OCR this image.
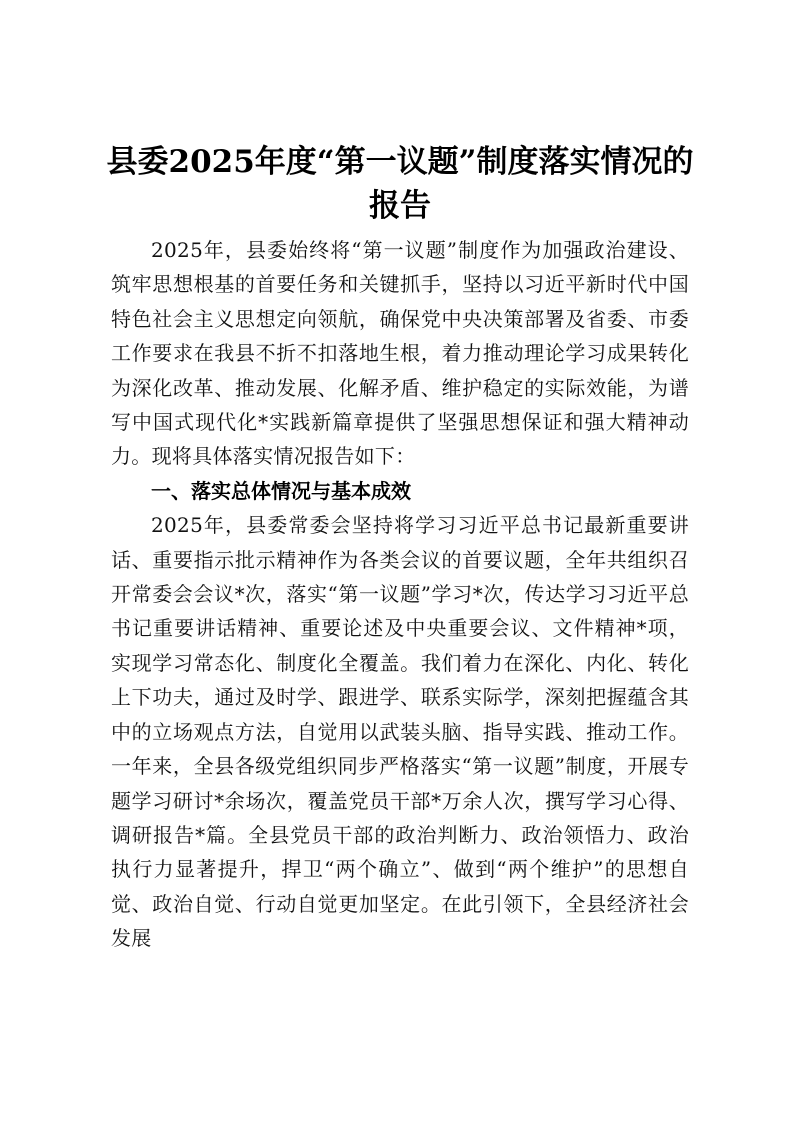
县委2025年度“第一议题”制度落实情况的报告

2025年，县委始终将“第一议题”制度作为加强政治建设、筑牢思想根基的首要任务和关键抓手，坚持以习近平新时代中国特色社会主义思想定向领航，确保党中央决策部署及省委、市委工作要求在我县不折不扣落地生根，着力推动理论学习成果转化为深化改革、推动发展、化解矛盾、维护稳定的实际效能，为谱写中国式现代化*实践新篇章提供了坚强思想保证和强大精神动力。现将具体落实情况报告如下：

一、落实总体情况与基本成效

2025年，县委常委会坚持将学习习近平总书记最新重要讲话、重要指示批示精神作为各类会议的首要议题，全年共组织召开常委会会议*次，落实“第一议题”学习*次，传达学习习近平总书记重要讲话精神、重要论述及中央重要会议、文件精神*项，实现学习常态化、制度化全覆盖。我们着力在深化、内化、转化上下功夫，通过及时学、跟进学、联系实际学，深刻把握蕴含其中的立场观点方法，自觉用以武装头脑、指导实践、推动工作。一年来，全县各级党组织同步严格落实“第一议题”制度，开展专题学习研讨*余场次，覆盖党员干部*万余人次，撰写学习心得、调研报告*篇。全县党员干部的政治判断力、政治领悟力、政治执行力显著提升，捍卫“两个确立”、做到“两个维护”的思想自觉、政治自觉、行动自觉更加坚定。在此引领下，全县经济社会发展
